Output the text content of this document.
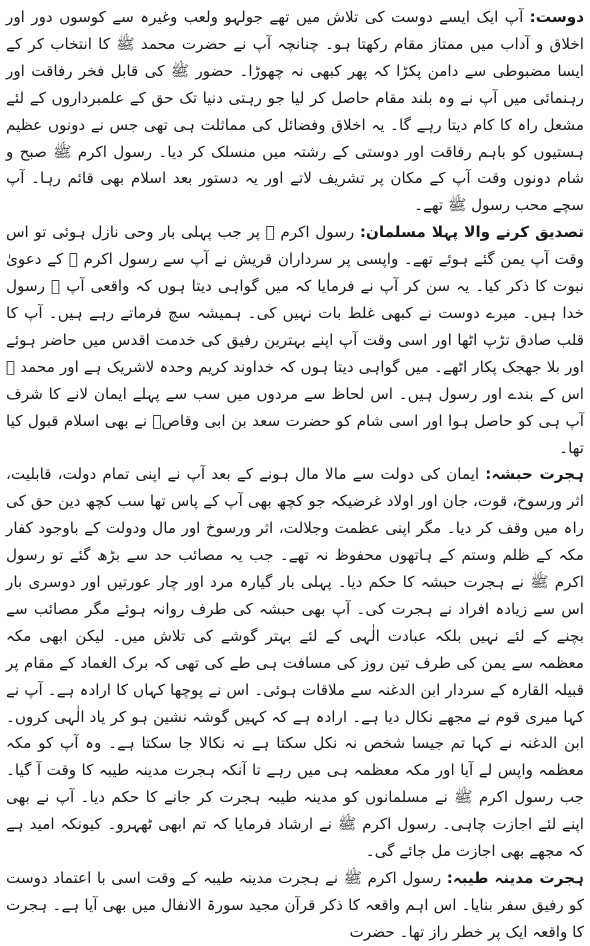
دوست: آپ ایک ایسے دوست کی تلاش میں تھے جولہو ولعب وغیرہ سے کوسوں دور اور اخلاق و آداب میں ممتاز مقام رکھتا ہو۔ چنانچہ آپ نے حضرت محمد ﷺ کا انتخاب کر کے ایسا مضبوطی سے دامن پکڑا کہ پھر کبھی نہ چھوڑا۔ حضور ﷺ کی قابل فخر رفاقت اور رہنمائی میں آپ نے وہ بلند مقام حاصل کر لیا جو رہتی دنیا تک حق کے علمبرداروں کے لئے مشعل راہ کا کام دیتا رہے گا۔ یہ اخلاق وفضائل کی مماثلت ہی تھی جس نے دونوں عظیم ہستیوں کو باہم رفاقت اور دوستی کے رشتہ میں منسلک کر دیا۔ رسول اکرم ﷺ صبح و شام دونوں وقت آپ کے مکان پر تشریف لاتے اور یہ دستور بعد اسلام بھی قائم رہا۔ آپ سچے محب رسول ﷺ تھے۔

تصدیق کرنے والا پہلا مسلمان: رسول اکرم ﷺ پر جب پہلی بار وحی نازل ہوئی تو اس وقت آپ یمن گئے ہوئے تھے۔ واپسی پر سرداران قریش نے آپ سے رسول اکرم ﷺ کے دعویٰ نبوت کا ذکر کیا۔ یہ سن کر آپ نے فرمایا کہ میں گواہی دیتا ہوں کہ واقعی آپ ﷺ رسول خدا ہیں۔ میرے دوست نے کبھی غلط بات نہیں کی۔ ہمیشہ سچ فرماتے رہے ہیں۔ آپ کا قلب صادق تڑپ اٹھا اور اسی وقت آپ اپنے بہترین رفیق کی خدمت اقدس میں حاضر ہوئے اور بلا جھجک پکار اٹھے۔ میں گواہی دیتا ہوں کہ خداوند کریم وحدہ لاشریک ہے اور محمد ﷺ اس کے بندے اور رسول ہیں۔ اس لحاظ سے مردوں میں سب سے پہلے ایمان لانے کا شرف آپ ہی کو حاصل ہوا اور اسی شام کو حضرت سعد بن ابی وقاصؓ نے بھی اسلام قبول کیا تھا۔

ہجرت حبشہ: ایمان کی دولت سے مالا مال ہونے کے بعد آپ نے اپنی تمام دولت، قابلیت، اثر ورسوخ، قوت، جان اور اولاد غرضیکہ جو کچھ بھی آپ کے پاس تھا سب کچھ دین حق کی راہ میں وقف کر دیا۔ مگر اپنی عظمت وجلالت، اثر ورسوخ اور مال ودولت کے باوجود کفار مکہ کے ظلم وستم کے ہاتھوں محفوظ نہ تھے۔ جب یہ مصائب حد سے بڑھ گئے تو رسول اکرم ﷺ نے ہجرت حبشہ کا حکم دیا۔ پہلی بار گیارہ مرد اور چار عورتیں اور دوسری بار اس سے زیادہ افراد نے ہجرت کی۔ آپ بھی حبشہ کی طرف روانہ ہوئے مگر مصائب سے بچنے کے لئے نہیں بلکہ عبادت الٰہی کے لئے بہتر گوشے کی تلاش میں۔ لیکن ابھی مکہ معظمہ سے یمن کی طرف تین روز کی مسافت ہی طے کی تھی کہ برک الغماد کے مقام پر قبیلہ القارہ کے سردار ابن الدغنہ سے ملاقات ہوئی۔ اس نے پوچھا کہاں کا ارادہ ہے۔ آپ نے کہا میری قوم نے مجھے نکال دیا ہے۔ ارادہ ہے کہ کہیں گوشہ نشین ہو کر یاد الٰہی کروں۔ ابن الدغنہ نے کہا تم جیسا شخص نہ نکل سکتا ہے نہ نکالا جا سکتا ہے۔ وہ آپ کو مکہ معظمہ واپس لے آیا اور مکہ معظمہ ہی میں رہے تا آنکہ ہجرت مدینہ طیبہ کا وقت آ گیا۔ جب رسول اکرم ﷺ نے مسلمانوں کو مدینہ طیبہ ہجرت کر جانے کا حکم دیا۔ آپ نے بھی اپنے لئے اجازت چاہی۔ رسول اکرم ﷺ نے ارشاد فرمایا کہ تم ابھی ٹھہرو۔ کیونکہ امید ہے کہ مجھے بھی اجازت مل جائے گی۔

ہجرت مدینہ طیبہ: رسول اکرم ﷺ نے ہجرت مدینہ طیبہ کے وقت اسی با اعتماد دوست کو رفیق سفر بنایا۔ اس اہم واقعہ کا ذکر قرآن مجید سورۃ الانفال میں بھی آیا ہے۔ ہجرت کا واقعہ ایک پر خطر راز تھا۔ حضرت
